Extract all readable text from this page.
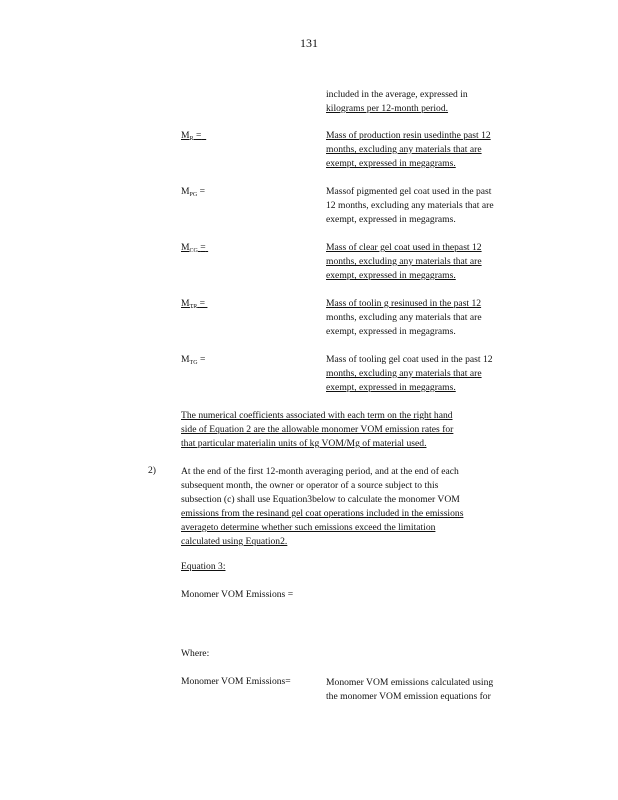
131
included in the average, expressed in
kilograms per 12-month period.
$M_R$ =	Mass of production resin usedinthe past 12
months, excluding any materials that are
exempt, expressed in megagrams.
$M_{PG}$ =	Massof pigmented gel coat used in the past
12 months, excluding any materials that are
exempt, expressed in megagrams.
$M_{CG}$ =	Mass of clear gel coat used in thepast 12
months, excluding any materials that are
exempt, expressed in megagrams.
$M_{TR}$ =	Mass of toolin g resinused in the past 12
months, excluding any materials that are
exempt, expressed in megagrams.
$M_{TG}$ =	Mass of tooling gel coat used in the past 12
months, excluding any materials that are
exempt, expressed in megagrams.
The numerical coefficients associated with each term on the right hand
side of Equation 2 are the allowable monomer VOM emission rates for
that particular materialin units of kg VOM/Mg of material used.
2)	At the end of the first 12-month averaging period, and at the end of each
subsequent month, the owner or operator of a source subject to this
subsection (c) shall use Equation3below to calculate the monomer VOM
emissions from the resinand gel coat operations included in the emissions
averageto determine whether such emissions exceed the limitation
calculated using Equation2.
Equation 3:
Monomer VOM Emissions =
Where:
Monomer VOM Emissions=	Monomer VOM emissions calculated using
the monomer VOM emission equations for
